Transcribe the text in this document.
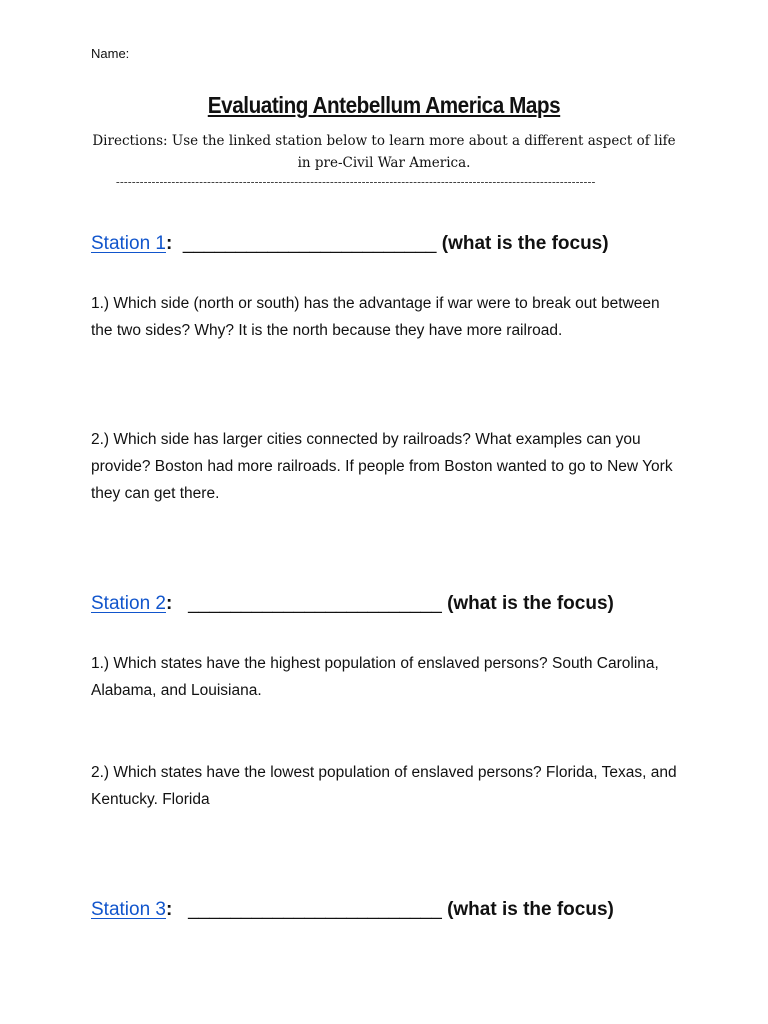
Name:
Evaluating Antebellum America Maps
Directions: Use the linked station below to learn more about a different aspect of life in pre-Civil War America.
-------------------------------------------------------------------------------------------------------------------------
Station 1: ________________________ (what is the focus)
1.) Which side (north or south) has the advantage if war were to break out between the two sides? Why? It is the north because they have more railroad.
2.) Which side has larger cities connected by railroads? What examples can you provide? Boston had more railroads. If people from Boston wanted to go to New York they can get there.
Station 2: ________________________ (what is the focus)
1.) Which states have the highest population of enslaved persons? South Carolina, Alabama, and Louisiana.
2.) Which states have the lowest population of enslaved persons? Florida, Texas, and Kentucky. Florida
Station 3: ________________________ (what is the focus)
